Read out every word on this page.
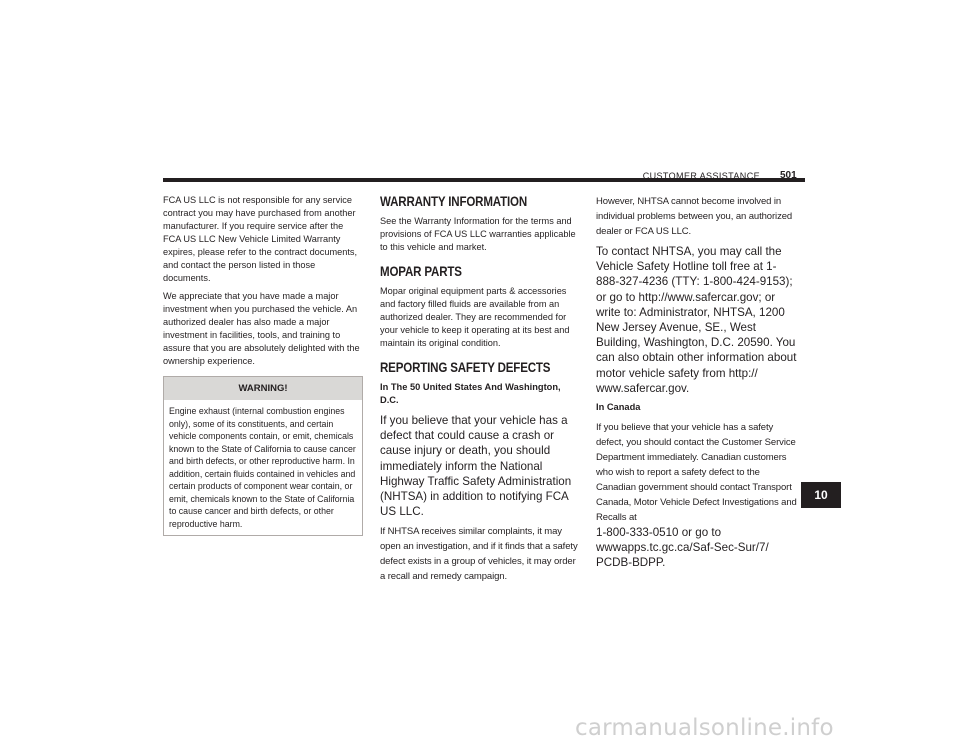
CUSTOMER ASSISTANCE 501

FCA US LLC is not responsible for any service contract you may have purchased from another manufacturer. If you require service after the FCA US LLC New Vehicle Limited Warranty expires, please refer to the contract documents, and contact the person listed in those documents.

We appreciate that you have made a major investment when you purchased the vehicle. An authorized dealer has also made a major investment in facilities, tools, and training to assure that you are absolutely delighted with the ownership experience.

WARNING!
Engine exhaust (internal combustion engines only), some of its constituents, and certain vehicle components contain, or emit, chemicals known to the State of California to cause cancer and birth defects, or other reproductive harm. In addition, certain fluids contained in vehicles and certain products of component wear contain, or emit, chemicals known to the State of California to cause cancer and birth defects, or other reproductive harm.
WARRANTY INFORMATION

See the Warranty Information for the terms and provisions of FCA US LLC warranties applicable to this vehicle and market.

MOPAR PARTS

Mopar original equipment parts & accessories and factory filled fluids are available from an authorized dealer. They are recommended for your vehicle to keep it operating at its best and maintain its original condition.

REPORTING SAFETY DEFECTS

In The 50 United States And Washington, D.C.

If you believe that your vehicle has a defect that could cause a crash or cause injury or death, you should immediately inform the National Highway Traffic Safety Administration (NHTSA) in addition to notifying FCA US LLC.

If NHTSA receives similar complaints, it may open an investigation, and if it finds that a safety defect exists in a group of vehicles, it may order a recall and remedy campaign.

However, NHTSA cannot become involved in individual problems between you, an authorized dealer or FCA US LLC.

To contact NHTSA, you may call the Vehicle Safety Hotline toll free at 1-888-327-4236 (TTY: 1-800-424-9153); or go to http://www.safercar.gov; or write to: Administrator, NHTSA, 1200 New Jersey Avenue, SE., West Building, Washington, D.C. 20590. You can also obtain other information about motor vehicle safety from http:// www.safercar.gov.

In Canada

If you believe that your vehicle has a safety defect, you should contact the Customer Service Department immediately. Canadian customers who wish to report a safety defect to the Canadian government should contact Transport Canada, Motor Vehicle Defect Investigations and Recalls at

1-800-333-0510 or go to wwwapps.tc.gc.ca/Saf-Sec-Sur/7/ PCDB-BDPP.

10
carmanualsonline.info
